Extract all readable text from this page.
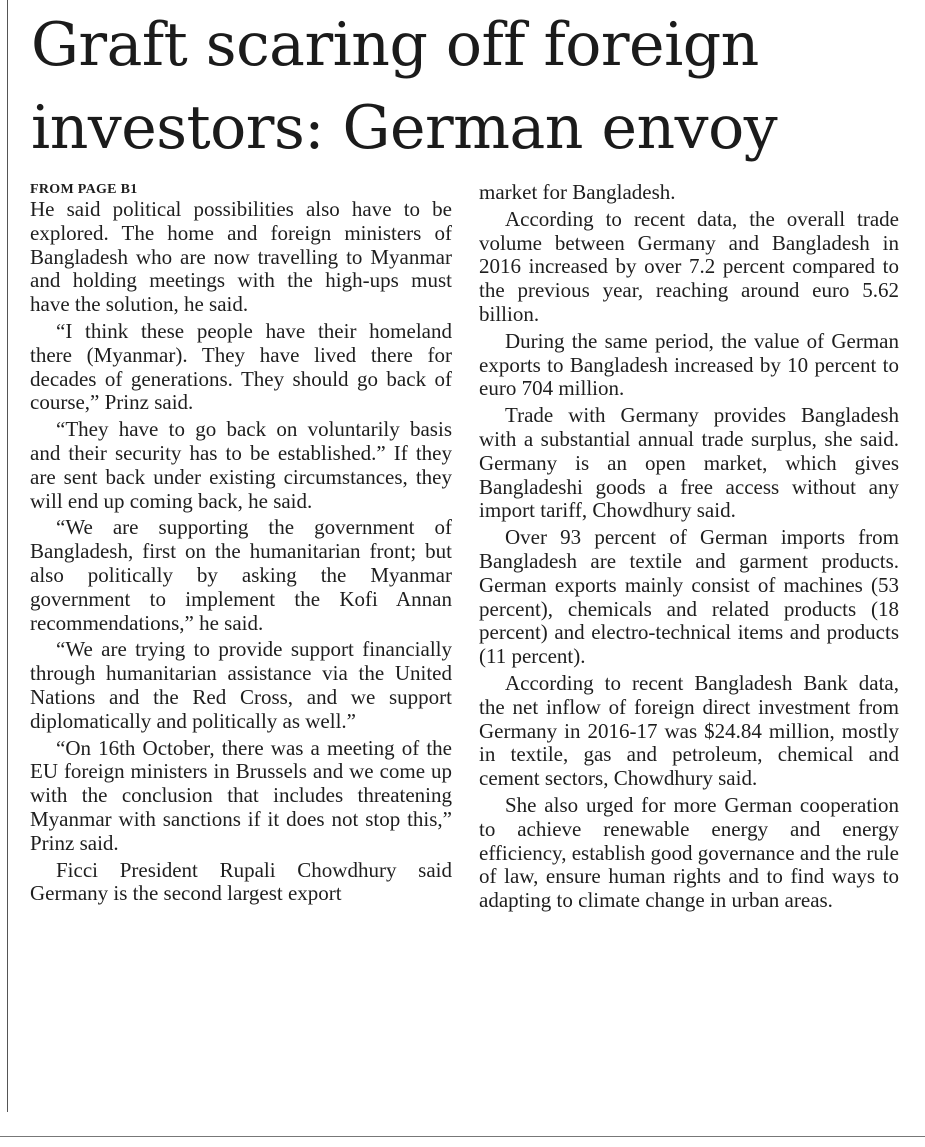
Graft scaring off foreign investors: German envoy
FROM PAGE B1

He said political possibilities also have to be explored. The home and foreign ministers of Bangladesh who are now travelling to Myanmar and holding meetings with the high-ups must have the solution, he said.

“I think these people have their homeland there (Myanmar). They have lived there for decades of generations. They should go back of course,” Prinz said.

“They have to go back on voluntarily basis and their security has to be established.” If they are sent back under existing circumstances, they will end up coming back, he said.

“We are supporting the government of Bangladesh, first on the humanitarian front; but also politically by asking the Myanmar government to implement the Kofi Annan recommendations,” he said.

“We are trying to provide support financially through humanitarian assistance via the United Nations and the Red Cross, and we support diplomatically and politically as well.”

“On 16th October, there was a meeting of the EU foreign ministers in Brussels and we come up with the conclusion that includes threatening Myanmar with sanctions if it does not stop this,” Prinz said.

Ficci President Rupali Chowdhury said Germany is the second largest export

market for Bangladesh.

According to recent data, the overall trade volume between Germany and Bangladesh in 2016 increased by over 7.2 percent compared to the previous year, reaching around euro 5.62 billion.

During the same period, the value of German exports to Bangladesh increased by 10 percent to euro 704 million.

Trade with Germany provides Bangladesh with a substantial annual trade surplus, she said. Germany is an open market, which gives Bangladeshi goods a free access without any import tariff, Chowdhury said.

Over 93 percent of German imports from Bangladesh are textile and garment products. German exports mainly consist of machines (53 percent), chemicals and related products (18 percent) and electro-technical items and products (11 percent).

According to recent Bangladesh Bank data, the net inflow of foreign direct investment from Germany in 2016-17 was $24.84 million, mostly in textile, gas and petroleum, chemical and cement sectors, Chowdhury said.

She also urged for more German cooperation to achieve renewable energy and energy efficiency, establish good governance and the rule of law, ensure human rights and to find ways to adapting to climate change in urban areas.
